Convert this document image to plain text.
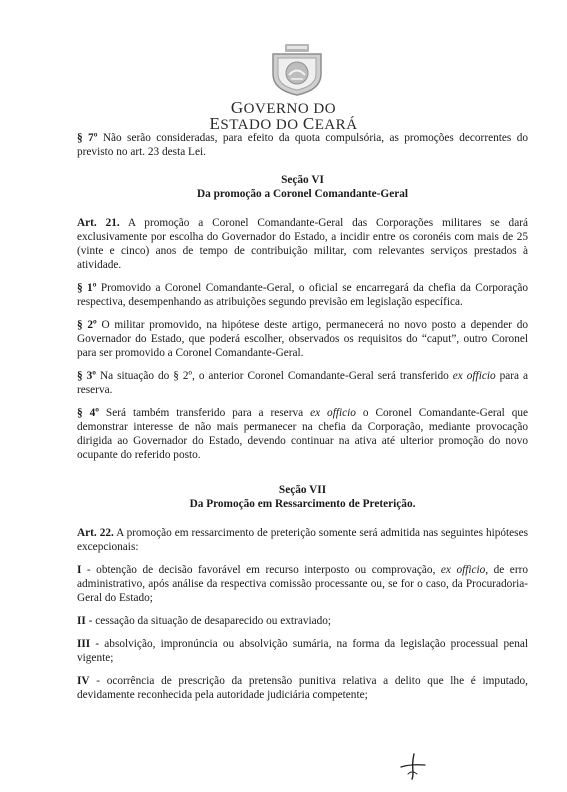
GOVERNO DO
ESTADO DO CEARÁ

§ 7º Não serão consideradas, para efeito da quota compulsória, as promoções decorrentes do previsto no art. 23 desta Lei.

Seção VI
Da promoção a Coronel Comandante-Geral

Art. 21. A promoção a Coronel Comandante-Geral das Corporações militares se dará exclusivamente por escolha do Governador do Estado, a incidir entre os coronéis com mais de 25 (vinte e cinco) anos de tempo de contribuição militar, com relevantes serviços prestados à atividade.

§ 1º Promovido a Coronel Comandante-Geral, o oficial se encarregará da chefia da Corporação respectiva, desempenhando as atribuições segundo previsão em legislação específica.

§ 2º O militar promovido, na hipótese deste artigo, permanecerá no novo posto a depender do Governador do Estado, que poderá escolher, observados os requisitos do “caput”, outro Coronel para ser promovido a Coronel Comandante-Geral.

§ 3º Na situação do § 2º, o anterior Coronel Comandante-Geral será transferido ex officio para a reserva.

§ 4º Será também transferido para a reserva ex officio o Coronel Comandante-Geral que demonstrar interesse de não mais permanecer na chefia da Corporação, mediante provocação dirigida ao Governador do Estado, devendo continuar na ativa até ulterior promoção do novo ocupante do referido posto.

Seção VII
Da Promoção em Ressarcimento de Preterição.

Art. 22. A promoção em ressarcimento de preterição somente será admitida nas seguintes hipóteses excepcionais:

I - obtenção de decisão favorável em recurso interposto ou comprovação, ex officio, de erro administrativo, após análise da respectiva comissão processante ou, se for o caso, da Procuradoria-Geral do Estado;

II - cessação da situação de desaparecido ou extraviado;

III - absolvição, impronúncia ou absolvição sumária, na forma da legislação processual penal vigente;

IV - ocorrência de prescrição da pretensão punitiva relativa a delito que lhe é imputado, devidamente reconhecida pela autoridade judiciária competente;
